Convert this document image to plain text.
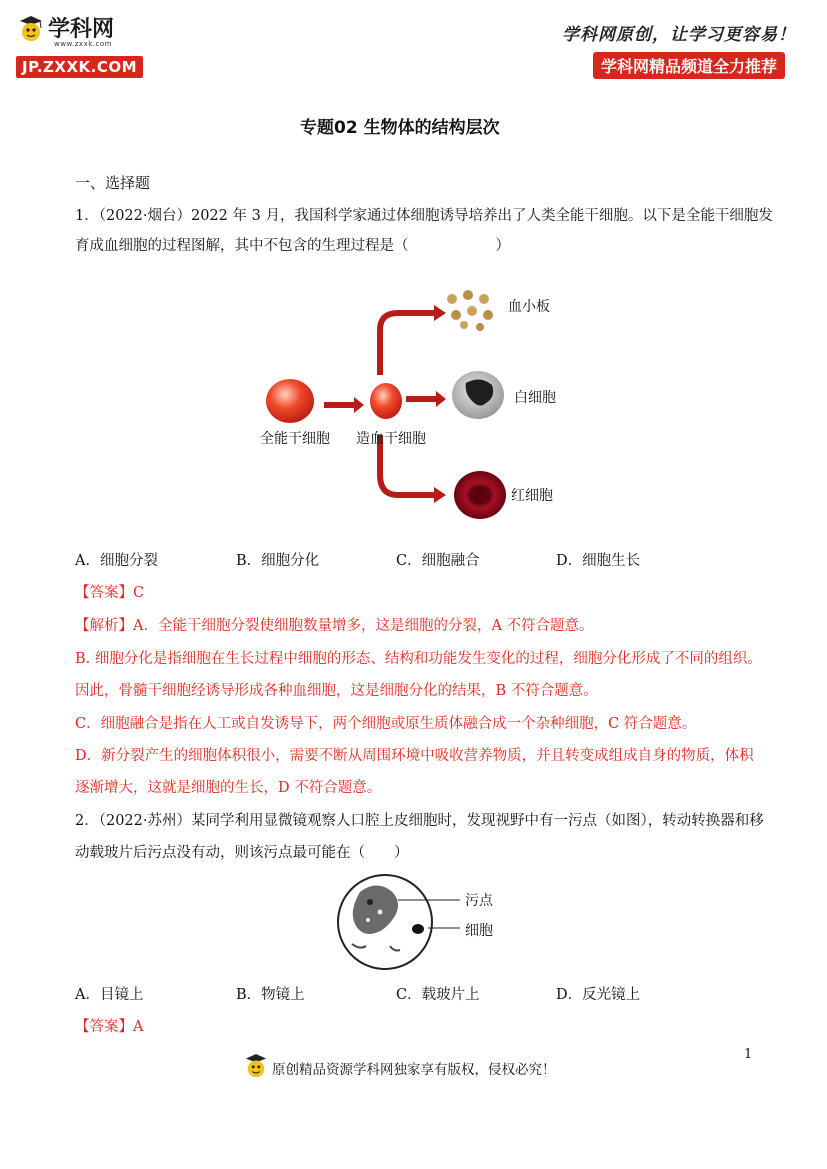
学科网
www.zxxk.com
JP.ZXXK.COM
学科网原创，让学习更容易！
学科网精品频道全力推荐
专题02 生物体的结构层次
一、选择题
1．（2022·烟台）2022 年 3 月，我国科学家通过体细胞诱导培养出了人类全能干细胞。以下是全能干细胞发
育成血细胞的过程图解，其中不包含的生理过程是（　　　　　　）
全能干细胞 造血干细胞
血小板
白细胞
红细胞
A．细胞分裂	B．细胞分化	C．细胞融合	D．细胞生长
【答案】C
【解析】A．全能干细胞分裂使细胞数量增多，这是细胞的分裂，A 不符合题意。
B. 细胞分化是指细胞在生长过程中细胞的形态、结构和功能发生变化的过程，细胞分化形成了不同的组织。
因此，骨髓干细胞经诱导形成各种血细胞，这是细胞分化的结果，B 不符合题意。
C．细胞融合是指在人工或自发诱导下，两个细胞或原生质体融合成一个杂种细胞，C 符合题意。
D．新分裂产生的细胞体积很小，需要不断从周围环境中吸收营养物质，并且转变成组成自身的物质，体积
逐渐增大，这就是细胞的生长，D 不符合题意。
2．（2022·苏州）某同学利用显微镜观察人口腔上皮细胞时，发现视野中有一污点（如图），转动转换器和移
动载玻片后污点没有动，则该污点最可能在（　　）
污点
细胞
A．目镜上	B．物镜上	C．载玻片上	D．反光镜上
【答案】A
1
原创精品资源学科网独家享有版权，侵权必究！
